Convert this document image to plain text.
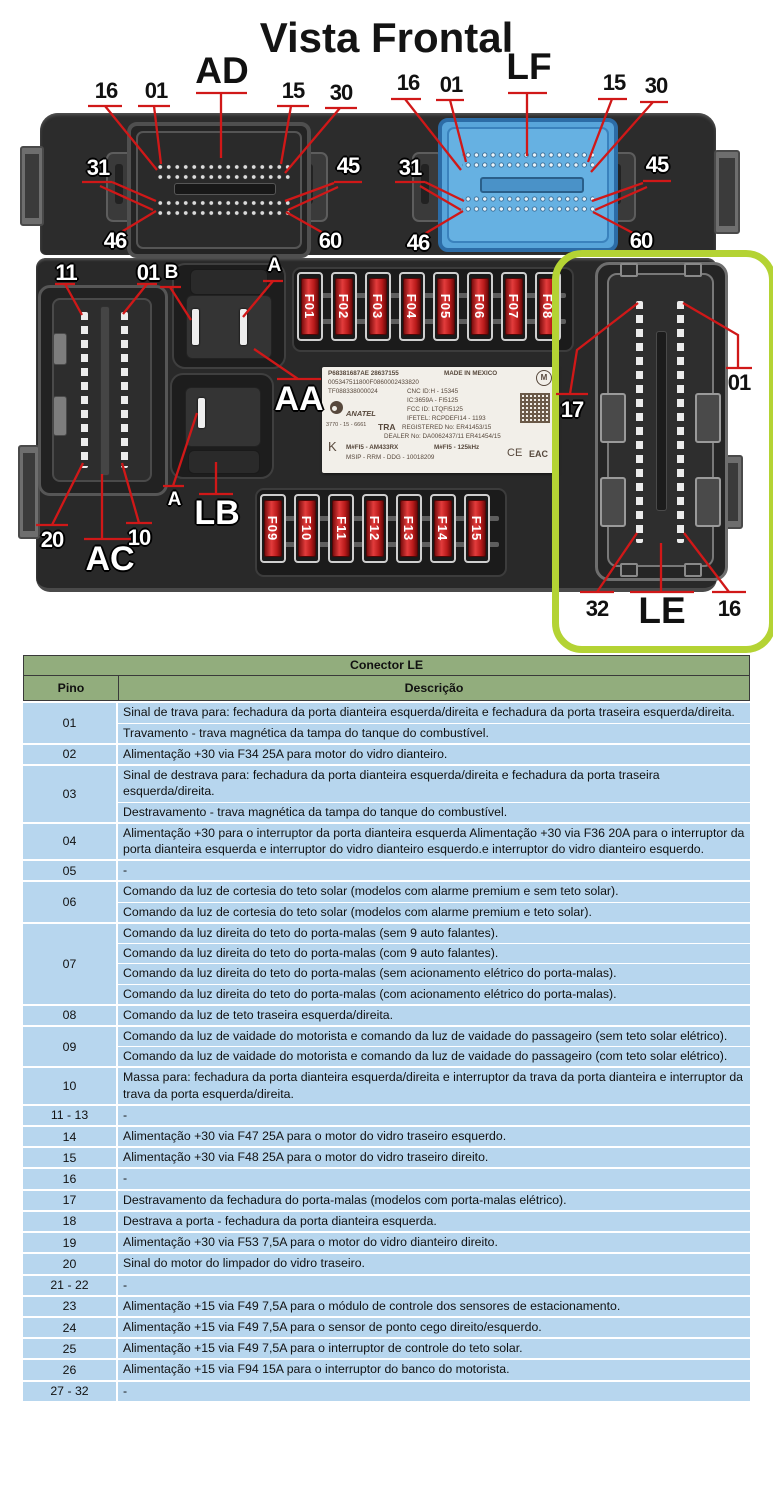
Vista Frontal
F01 F02 F03 F04 F05 F06 F07 F08
F09 F10 F11 F12 F13 F14 F15
P68381687AE 28637155	MADE IN MEXICO	M
005347511800F0860002433820
TF088338000024	CNC ID:H - 15345
IC:3659A - FI5125
FCC ID: LTQFI5125
IFETEL: RCPDEFI14 - 1193
ANATEL
3770 - 15 - 6661 TRA REGISTERED No: ER41453/15
DEALER No: DA0062437/11 ER41454/15
K M#FI5 - AM433RX	M#FI5 - 125kHz
MSIP - RRM - DDG - 10018209	CE EAC
16	01 AD	15	30
31	45
46	60
16 01 LF	15 30
31	45
46	60
11	01 B	A
AA
A LB
20	10
AC
17
01
32 LE	16
Conector LE
Pino	Descrição
01
Sinal de trava para: fechadura da porta dianteira esquerda/direita e fechadura da porta traseira esquerda/direita.
Travamento - trava magnética da tampa do tanque do combustível.
02	Alimentação +30 via F34 25A para motor do vidro dianteiro.
03
Sinal de destrava para: fechadura da porta dianteira esquerda/direita e fechadura da porta traseira esquerda/direita.
Destravamento - trava magnética da tampa do tanque do combustível.
04
Alimentação +30 para o interruptor da porta dianteira esquerda Alimentação +30 via F36 20A para o interruptor da porta dianteira esquerda e interruptor do vidro dianteiro esquerdo.e interruptor do vidro dianteiro esquerdo.
05	-
06
Comando da luz de cortesia do teto solar (modelos com alarme premium e sem teto solar).
Comando da luz de cortesia do teto solar (modelos com alarme premium e teto solar).
07
Comando da luz direita do teto do porta-malas (sem 9 auto falantes).
Comando da luz direita do teto do porta-malas (com 9 auto falantes).
Comando da luz direita do teto do porta-malas (sem acionamento elétrico do porta-malas).
Comando da luz direita do teto do porta-malas (com acionamento elétrico do porta-malas).
08	Comando da luz de teto traseira esquerda/direita.
09
Comando da luz de vaidade do motorista e comando da luz de vaidade do passageiro (sem teto solar elétrico).
Comando da luz de vaidade do motorista e comando da luz de vaidade do passageiro (com teto solar elétrico).
10
Massa para: fechadura da porta dianteira esquerda/direita e interruptor da trava da porta dianteira e interruptor da trava da porta esquerda/direita.
11 - 13	-
14	Alimentação +30 via F47 25A para o motor do vidro traseiro esquerdo.
15	Alimentação +30 via F48 25A para o motor do vidro traseiro direito.
16	-
17	Destravamento da fechadura do porta-malas (modelos com porta-malas elétrico).
18	Destrava a porta - fechadura da porta dianteira esquerda.
19	Alimentação +30 via F53 7,5A para o motor do vidro dianteiro direito.
20	Sinal do motor do limpador do vidro traseiro.
21 - 22	-
23	Alimentação +15 via F49 7,5A para o módulo de controle dos sensores de estacionamento.
24	Alimentação +15 via F49 7,5A para o sensor de ponto cego direito/esquerdo.
25	Alimentação +15 via F49 7,5A para o interruptor de controle do teto solar.
26	Alimentação +15 via F94 15A para o interruptor do banco do motorista.
27 - 32	-
